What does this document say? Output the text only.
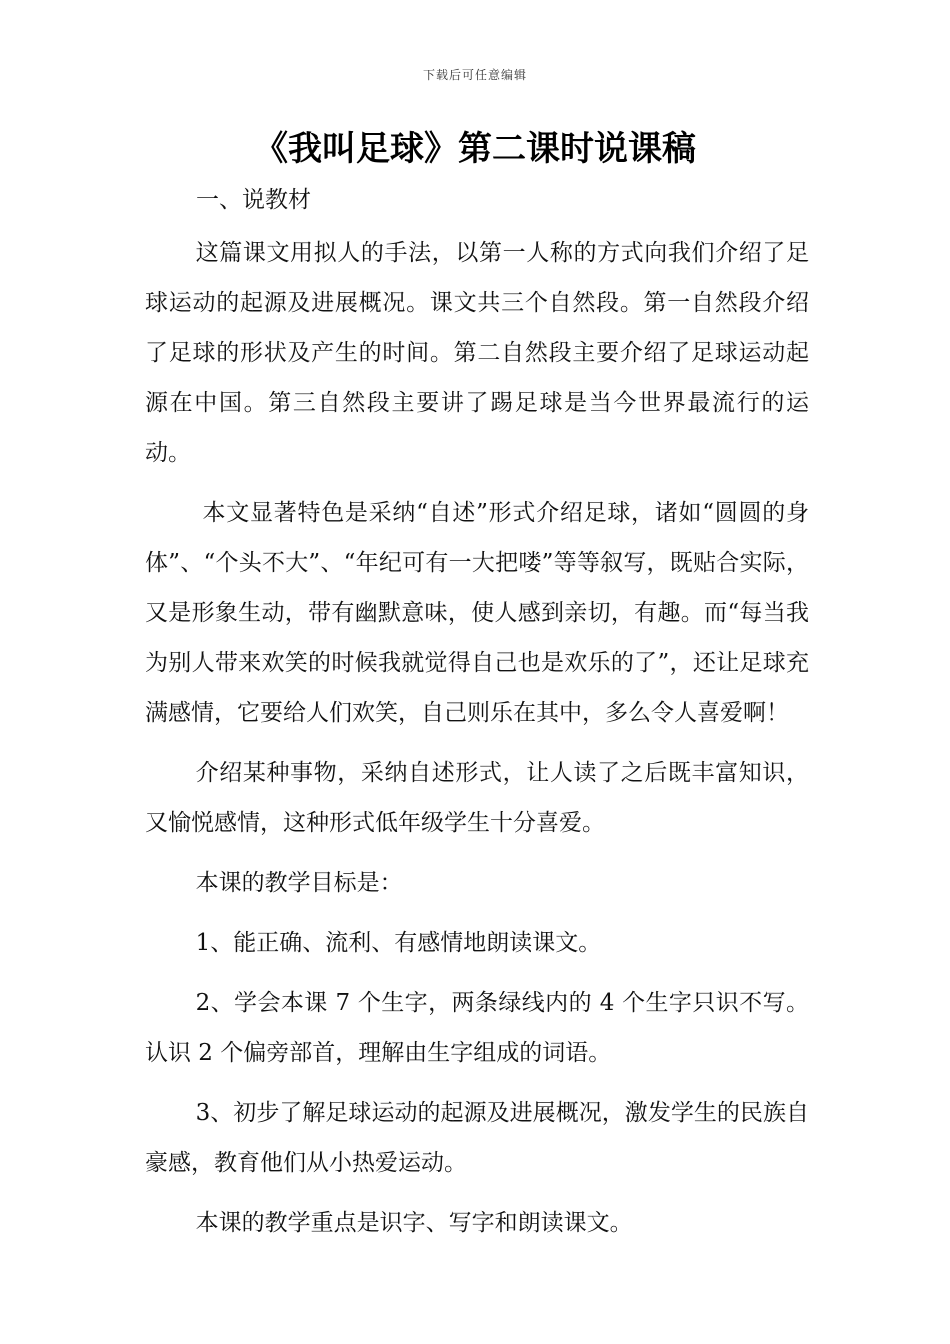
下载后可任意编辑
《我叫足球》第二课时说课稿
一、说教材

这篇课文用拟人的手法，以第一人称的方式向我们介绍了足球运动的起源及进展概况。课文共三个自然段。第一自然段介绍了足球的形状及产生的时间。第二自然段主要介绍了足球运动起源在中国。第三自然段主要讲了踢足球是当今世界最流行的运动。

本文显著特色是采纳“自述”形式介绍足球，诸如“圆圆的身体”、“个头不大”、“年纪可有一大把喽”等等叙写，既贴合实际，又是形象生动，带有幽默意味，使人感到亲切，有趣。而“每当我为别人带来欢笑的时候我就觉得自己也是欢乐的了”，还让足球充满感情，它要给人们欢笑，自己则乐在其中，多么令人喜爱啊！

介绍某种事物，采纳自述形式，让人读了之后既丰富知识，又愉悦感情，这种形式低年级学生十分喜爱。

本课的教学目标是：

1、能正确、流利、有感情地朗读课文。

2、学会本课 7 个生字，两条绿线内的 4 个生字只识不写。认识 2 个偏旁部首，理解由生字组成的词语。

3、初步了解足球运动的起源及进展概况，激发学生的民族自豪感，教育他们从小热爱运动。

本课的教学重点是识字、写字和朗读课文。
